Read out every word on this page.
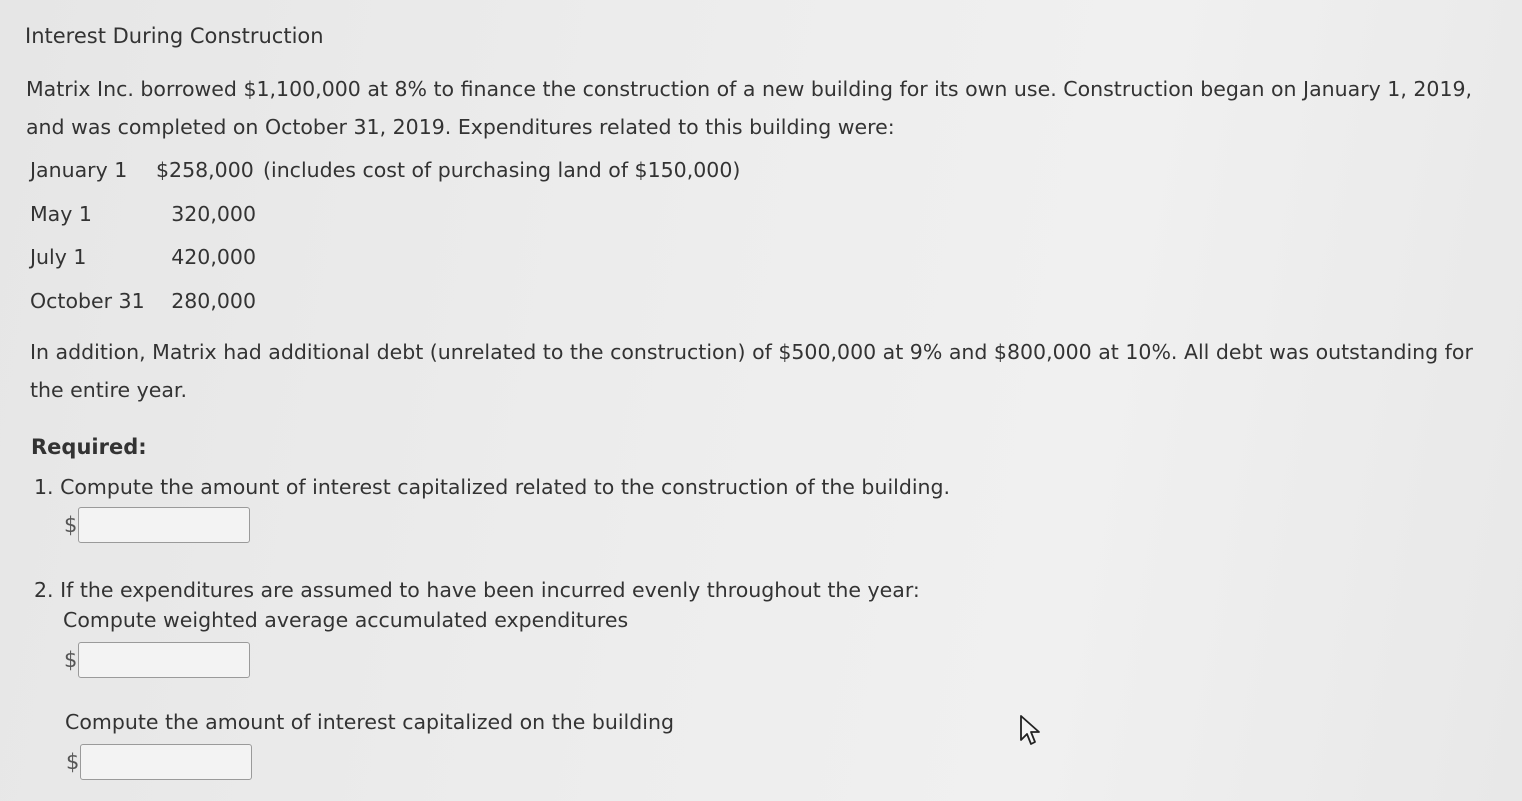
Interest During Construction
Matrix Inc. borrowed $1,100,000 at 8% to finance the construction of a new building for its own use. Construction began on January 1, 2019,
and was completed on October 31, 2019. Expenditures related to this building were:
January 1 $258,000 (includes cost of purchasing land of $150,000)
May 1	320,000
July 1	420,000
October 31	280,000
In addition, Matrix had additional debt (unrelated to the construction) of $500,000 at 9% and $800,000 at 10%. All debt was outstanding for
the entire year.
Required:
1. Compute the amount of interest capitalized related to the construction of the building.
$
2. If the expenditures are assumed to have been incurred evenly throughout the year:
Compute weighted average accumulated expenditures
$
Compute the amount of interest capitalized on the building
$
